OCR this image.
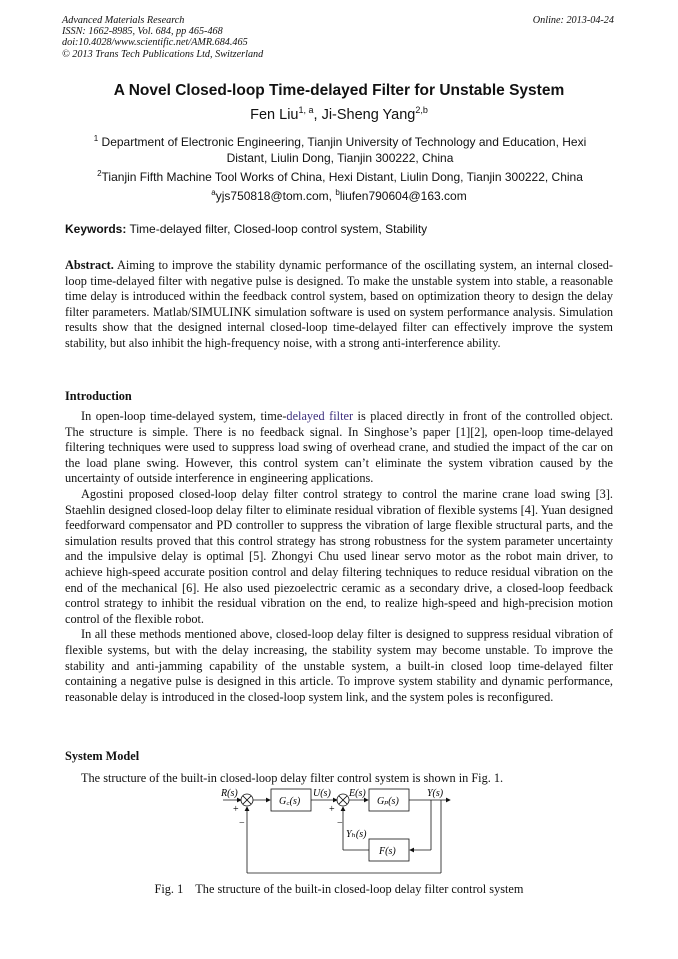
Advanced Materials Research
ISSN: 1662-8985, Vol. 684, pp 465-468
doi:10.4028/www.scientific.net/AMR.684.465
© 2013 Trans Tech Publications Ltd, Switzerland
Online: 2013-04-24
A Novel Closed-loop Time-delayed Filter for Unstable System
Fen Liu$^{1, a}$, Ji-Sheng Yang$^{2,b}$
$^1$ Department of Electronic Engineering, Tianjin University of Technology and Education, Hexi Distant, Liulin Dong, Tianjin 300222, China
$^2$Tianjin Fifth Machine Tool Works of China, Hexi Distant, Liulin Dong, Tianjin 300222, China
$^a$yjs750818@tom.com, $^b$liufen790604@163.com
Keywords: Time-delayed filter, Closed-loop control system, Stability
Abstract. Aiming to improve the stability dynamic performance of the oscillating system, an internal closed-loop time-delayed filter with negative pulse is designed. To make the unstable system into stable, a reasonable time delay is introduced within the feedback control system, based on optimization theory to design the delay filter parameters. Matlab/SIMULINK simulation software is used on system performance analysis. Simulation results show that the designed internal closed-loop time-delayed filter can effectively improve the system stability, but also inhibit the high-frequency noise, with a strong anti-interference ability.
Introduction

In open-loop time-delayed system, time-delayed filter is placed directly in front of the controlled object. The structure is simple. There is no feedback signal. In Singhose’s paper [1][2], open-loop time-delayed filtering techniques were used to suppress load swing of overhead crane, and studied the impact of the car on the load plane swing. However, this control system can’t eliminate the system vibration caused by the uncertainty of outside interference in engineering applications.

Agostini proposed closed-loop delay filter control strategy to control the marine crane load swing [3]. Staehlin designed closed-loop delay filter to eliminate residual vibration of flexible systems [4]. Yuan designed feedforward compensator and PD controller to suppress the vibration of large flexible structural parts, and the simulation results proved that this control strategy has strong robustness for the system parameter uncertainty and the impulsive delay is optimal [5]. Zhongyi Chu used linear servo motor as the robot main driver, to achieve high-speed accurate position control and delay filtering techniques to reduce residual vibration on the end of the mechanical [6]. He also used piezoelectric ceramic as a secondary drive, a closed-loop feedback control strategy to inhibit the residual vibration on the end, to realize high-speed and high-precision motion control of the flexible robot.

In all these methods mentioned above, closed-loop delay filter is designed to suppress residual vibration of flexible systems, but with the delay increasing, the stability system may become unstable. To improve the stability and anti-jamming capability of the unstable system, a built-in closed loop time-delayed filter containing a negative pulse is designed in this article. To improve system stability and dynamic performance, reasonable delay is introduced in the closed-loop system link, and the system poles is reconfigured.

System Model
The structure of the built-in closed-loop delay filter control system is shown in Fig. 1.
R(s)
+
−
G꜀(s)
U(s)
+
−
E(s)
Gₚ(s)
Y(s)
Yₕ(s)
F(s)
Fig. 1    The structure of the built-in closed-loop delay filter control system
